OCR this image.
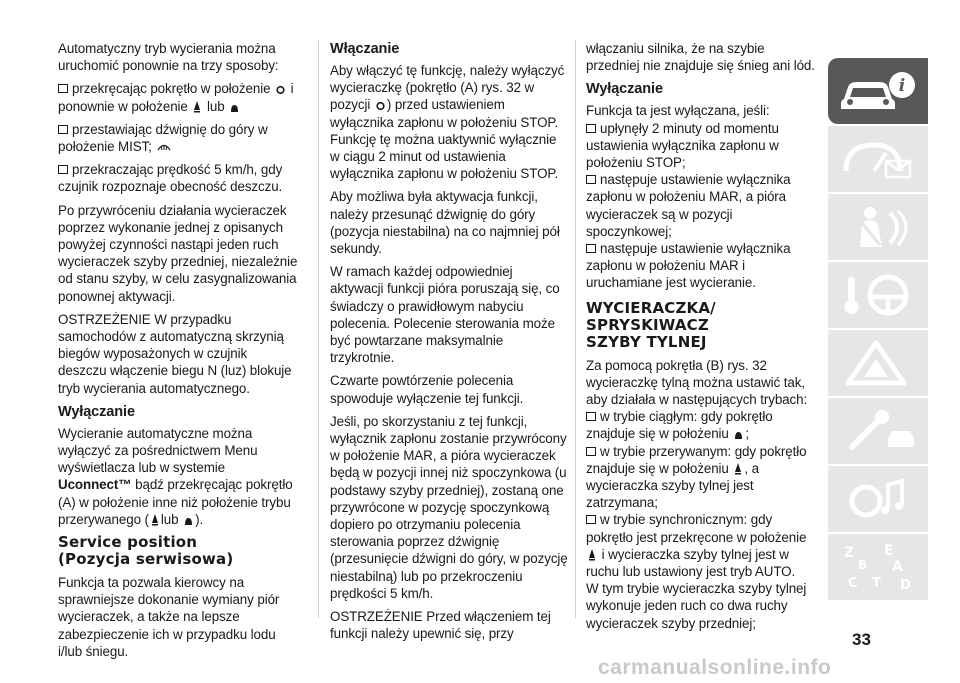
Automatyczny tryb wycierania można uruchomić ponownie na trzy sposoby:

przekręcając pokrętło w położenie i ponownie w położenie lub

przestawiając dźwignię do góry w położenie MIST;

przekraczając prędkość 5 km/h, gdy czujnik rozpoznaje obecność deszczu.

Po przywróceniu działania wycieraczek poprzez wykonanie jednej z opisanych powyżej czynności nastąpi jeden ruch wycieraczek szyby przedniej, niezależnie od stanu szyby, w celu zasygnalizowania ponownej aktywacji.

OSTRZEŻENIE W przypadku samochodów z automatyczną skrzynią biegów wyposażonych w czujnik deszczu włączenie biegu N (luz) blokuje tryb wycierania automatycznego.

Wyłączanie

Wycieranie automatyczne można wyłączyć za pośrednictwem Menu wyświetlacza lub w systemie Uconnect™ bądź przekręcając pokrętło (A) w położenie inne niż położenie trybu przerywanego ( lub ).

Service position
(Pozycja serwisowa)

Funkcja ta pozwala kierowcy na sprawniejsze dokonanie wymiany piór wycieraczek, a także na lepsze zabezpieczenie ich w przypadku lodu i/lub śniegu.

Włączanie

Aby włączyć tę funkcję, należy wyłączyć wycieraczkę (pokrętło (A) rys. 32 w pozycji ) przed ustawieniem wyłącznika zapłonu w położeniu STOP. Funkcję tę można uaktywnić wyłącznie w ciągu 2 minut od ustawienia wyłącznika zapłonu w położeniu STOP.

Aby możliwa była aktywacja funkcji, należy przesunąć dźwignię do góry (pozycja niestabilna) na co najmniej pół sekundy.

W ramach każdej odpowiedniej aktywacji funkcji pióra poruszają się, co świadczy o prawidłowym nabyciu polecenia. Polecenie sterowania może być powtarzane maksymalnie trzykrotnie.

Czwarte powtórzenie polecenia spowoduje wyłączenie tej funkcji.

Jeśli, po skorzystaniu z tej funkcji, wyłącznik zapłonu zostanie przywrócony w położenie MAR, a pióra wycieraczek będą w pozycji innej niż spoczynkowa (u podstawy szyby przedniej), zostaną one przywrócone w pozycję spoczynkową dopiero po otrzymaniu polecenia sterowania poprzez dźwignię (przesunięcie dźwigni do góry, w pozycję niestabilną) lub po przekroczeniu prędkości 5 km/h.

OSTRZEŻENIE Przed włączeniem tej funkcji należy upewnić się, przy

włączaniu silnika, że na szybie przedniej nie znajduje się śnieg ani lód.

Wyłączanie

Funkcja ta jest wyłączana, jeśli:

upłynęły 2 minuty od momentu ustawienia wyłącznika zapłonu w położeniu STOP;

następuje ustawienie wyłącznika zapłonu w położeniu MAR, a pióra wycieraczek są w pozycji spoczynkowej;

następuje ustawienie wyłącznika zapłonu w położeniu MAR i uruchamiane jest wycieranie.

WYCIERACZKA/
SPRYSKIWACZ
SZYBY TYLNEJ

Za pomocą pokrętła (B) rys. 32 wycieraczkę tylną można ustawić tak, aby działała w następujących trybach:

w trybie ciągłym: gdy pokrętło znajduje się w położeniu ;

w trybie przerywanym: gdy pokrętło znajduje się w położeniu , a wycieraczka szyby tylnej jest zatrzymana;

w trybie synchronicznym: gdy pokrętło jest przekręcone w położenie  i wycieraczka szyby tylnej jest w ruchu lub ustawiony jest tryb AUTO.

W tym trybie wycieraczka szyby tylnej wykonuje jeden ruch co dwa ruchy wycieraczek szyby przedniej;

i
Z E
B A
C T D
33
carmanualsonline.info
